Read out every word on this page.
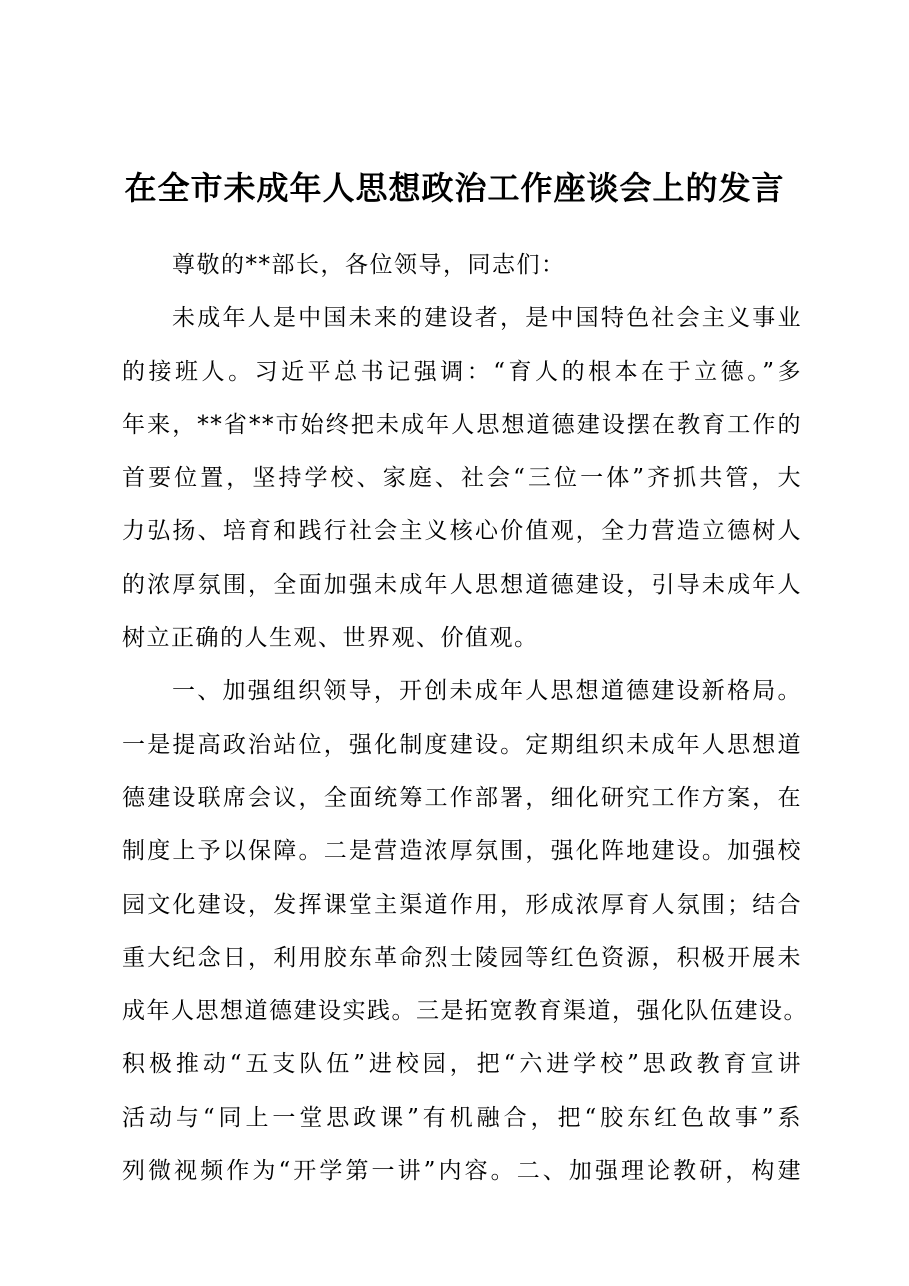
在全市未成年人思想政治工作座谈会上的发言
尊敬的**部长，各位领导，同志们：
未成年人是中国未来的建设者，是中国特色社会主义事业
的接班人。习近平总书记强调：“育人的根本在于立德。”多
年来，**省**市始终把未成年人思想道德建设摆在教育工作的
首要位置，坚持学校、家庭、社会“三位一体”齐抓共管，大
力弘扬、培育和践行社会主义核心价值观，全力营造立德树人
的浓厚氛围，全面加强未成年人思想道德建设，引导未成年人
树立正确的人生观、世界观、价值观。
一、加强组织领导，开创未成年人思想道德建设新格局。
一是提高政治站位，强化制度建设。定期组织未成年人思想道
德建设联席会议，全面统筹工作部署，细化研究工作方案，在
制度上予以保障。二是营造浓厚氛围，强化阵地建设。加强校
园文化建设，发挥课堂主渠道作用，形成浓厚育人氛围；结合
重大纪念日，利用胶东革命烈士陵园等红色资源，积极开展未
成年人思想道德建设实践。三是拓宽教育渠道，强化队伍建设。
积极推动“五支队伍”进校园，把“六进学校”思政教育宣讲
活动与“同上一堂思政课”有机融合，把“胶东红色故事”系
列微视频作为“开学第一讲”内容。二、加强理论教研，构建
